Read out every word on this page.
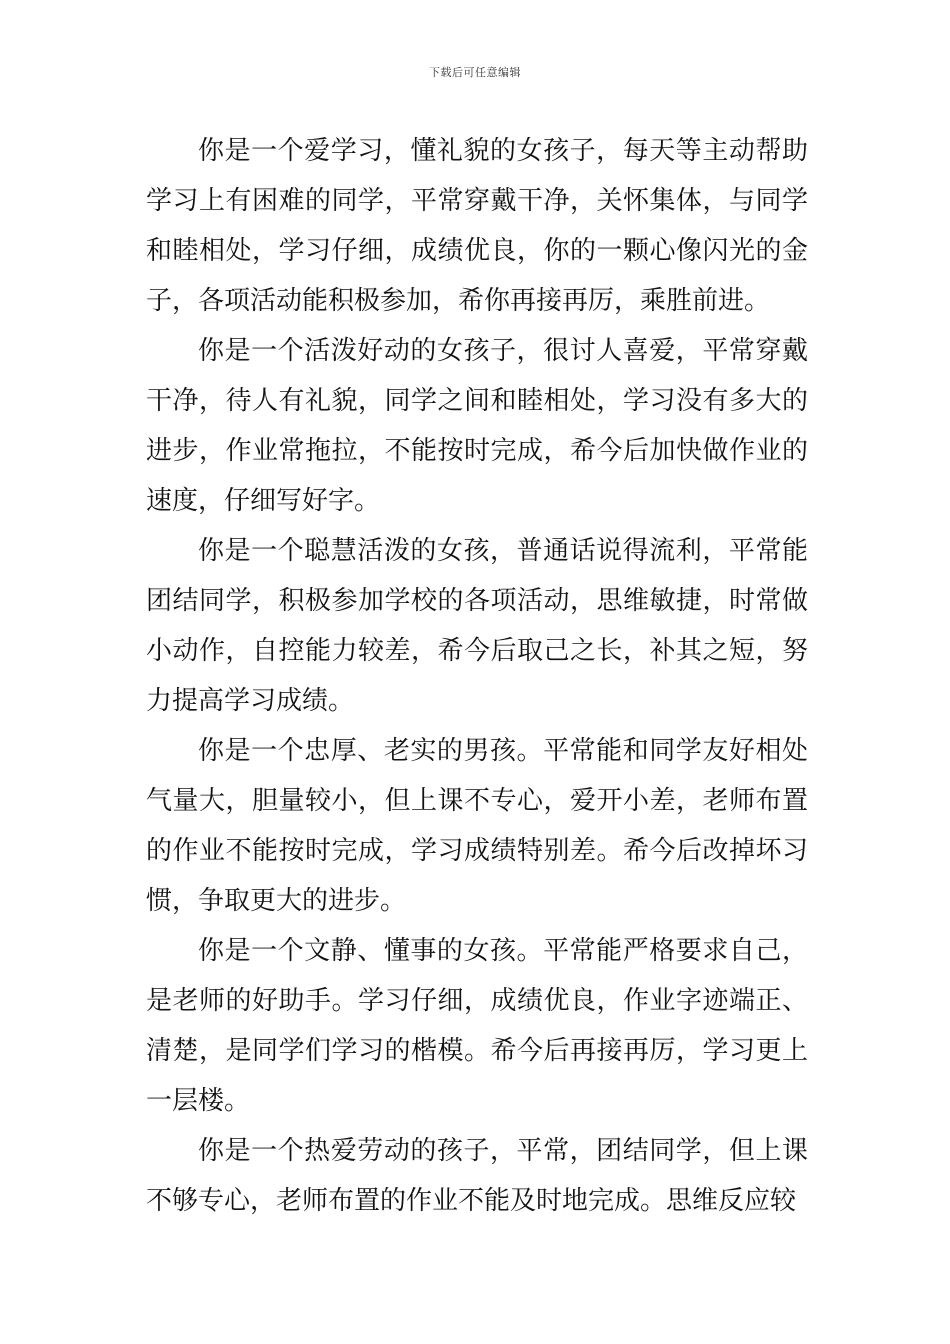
下载后可任意编辑

你是一个爱学习，懂礼貌的女孩子，每天等主动帮助学习上有困难的同学，平常穿戴干净，关怀集体，与同学和睦相处，学习仔细，成绩优良，你的一颗心像闪光的金子，各项活动能积极参加，希你再接再厉，乘胜前进。

你是一个活泼好动的女孩子，很讨人喜爱，平常穿戴干净，待人有礼貌，同学之间和睦相处，学习没有多大的进步，作业常拖拉，不能按时完成，希今后加快做作业的速度，仔细写好字。

你是一个聪慧活泼的女孩，普通话说得流利，平常能团结同学，积极参加学校的各项活动，思维敏捷，时常做小动作，自控能力较差，希今后取己之长，补其之短，努力提高学习成绩。

你是一个忠厚、老实的男孩。平常能和同学友好相处气量大，胆量较小，但上课不专心，爱开小差，老师布置的作业不能按时完成，学习成绩特别差。希今后改掉坏习惯，争取更大的进步。

你是一个文静、懂事的女孩。平常能严格要求自己，是老师的好助手。学习仔细，成绩优良，作业字迹端正、清楚，是同学们学习的楷模。希今后再接再厉，学习更上一层楼。

你是一个热爱劳动的孩子，平常，团结同学，但上课不够专心，老师布置的作业不能及时地完成。思维反应较
